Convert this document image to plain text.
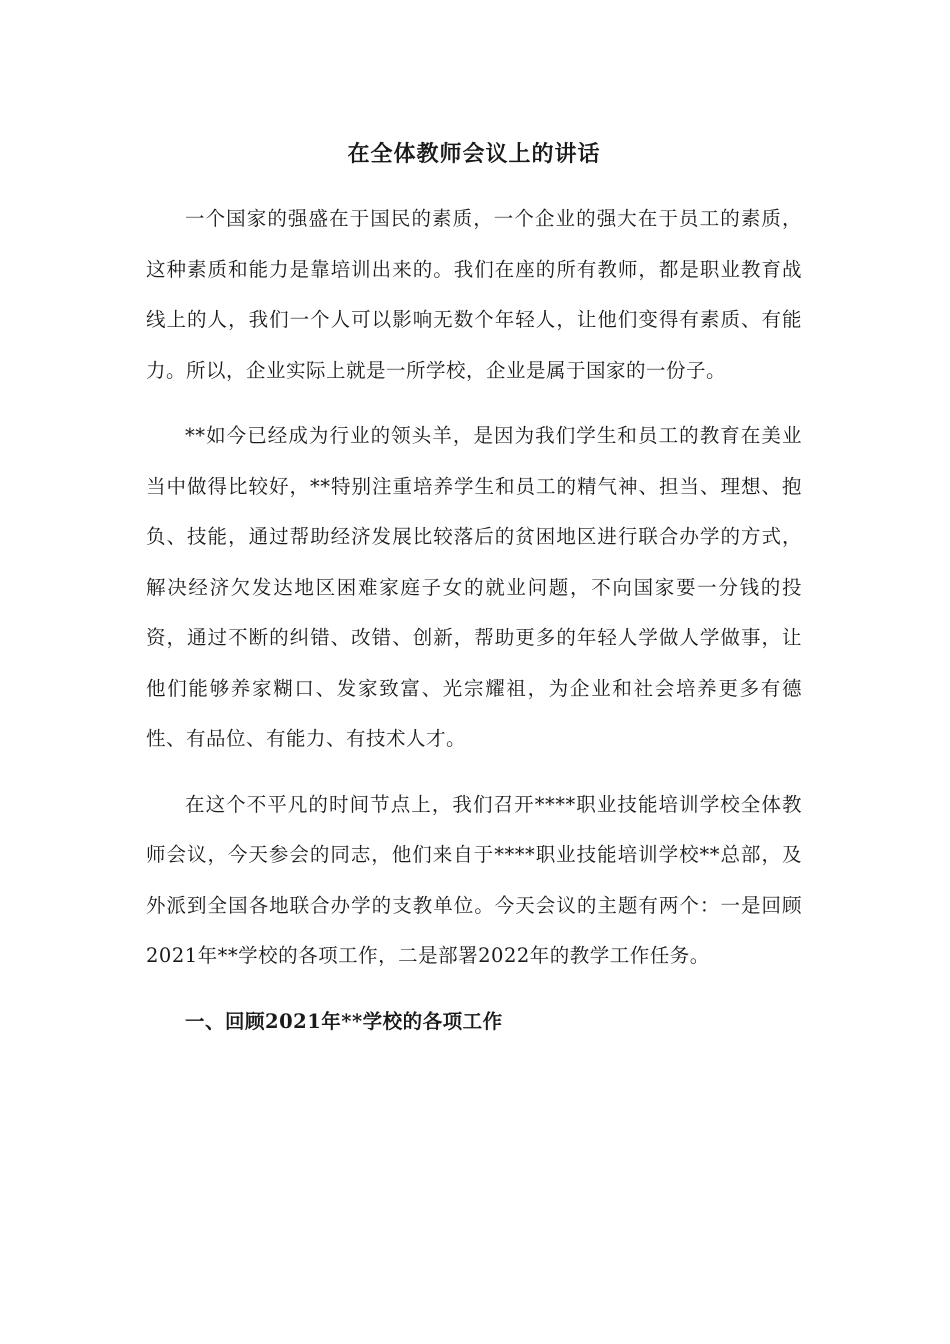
在全体教师会议上的讲话

一个国家的强盛在于国民的素质，一个企业的强大在于员工的素质，这种素质和能力是靠培训出来的。我们在座的所有教师，都是职业教育战线上的人，我们一个人可以影响无数个年轻人，让他们变得有素质、有能力。所以，企业实际上就是一所学校，企业是属于国家的一份子。

**如今已经成为行业的领头羊，是因为我们学生和员工的教育在美业当中做得比较好，**特别注重培养学生和员工的精气神、担当、理想、抱负、技能，通过帮助经济发展比较落后的贫困地区进行联合办学的方式，解决经济欠发达地区困难家庭子女的就业问题，不向国家要一分钱的投资，通过不断的纠错、改错、创新，帮助更多的年轻人学做人学做事，让他们能够养家糊口、发家致富、光宗耀祖，为企业和社会培养更多有德性、有品位、有能力、有技术人才。

在这个不平凡的时间节点上，我们召开****职业技能培训学校全体教师会议，今天参会的同志，他们来自于****职业技能培训学校**总部，及外派到全国各地联合办学的支教单位。今天会议的主题有两个：一是回顾2021年**学校的各项工作，二是部署2022年的教学工作任务。

一、回顾2021年**学校的各项工作
